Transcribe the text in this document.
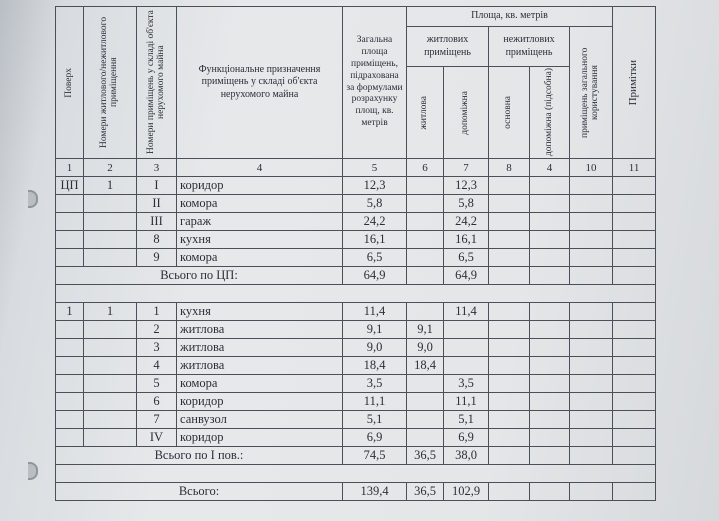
Поверх	Номери житлового/нежитлового приміщення	Номери приміщень у складі об'єкта нерухомого майна	Функціональне призначення приміщень у складі об'єкта нерухомого майна	Загальна площа приміщень, підрахована за формулами розрахунку площ, кв. метрів	Площа, кв. метрів					Примітки

					житлових приміщень		нежитлових приміщень		приміщень загального користування	

					житлова	допоміжна	основна	допоміжна (підсобна)		

1	2	3	4	5	6	7	8	4	10	11
ЦП	1	I	коридор	12,3		12,3				
		II	комора	5,8		5,8				
		III	гараж	24,2		24,2				
		8	кухня	16,1		16,1				
		9	комора	6,5		6,5				
Всього по ЦП:				64,9		64,9				

1	1	1	кухня	11,4		11,4				
		2	житлова	9,1	9,1					
		3	житлова	9,0	9,0					
		4	житлова	18,4	18,4					
		5	комора	3,5		3,5				
		6	коридор	11,1		11,1				
		7	санвузол	5,1		5,1				
		IV	коридор	6,9		6,9				
Всього по І пов.:				74,5	36,5	38,0				

Всього:				139,4	36,5	102,9				
